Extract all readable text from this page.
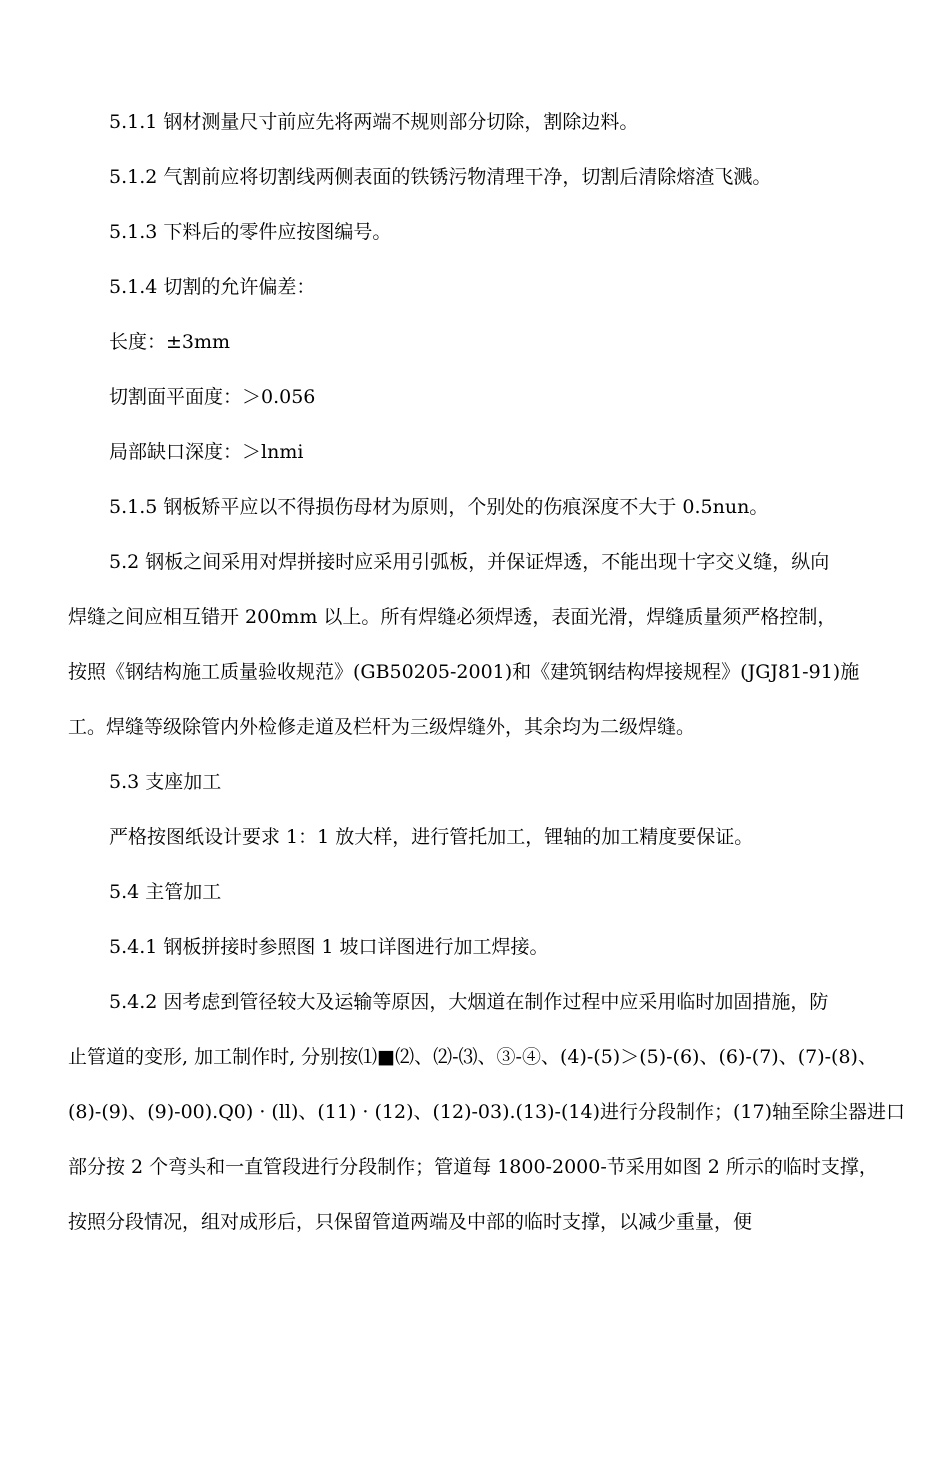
5.1.1 钢材测量尺寸前应先将两端不规则部分切除，割除边料。
5.1.2 气割前应将切割线两侧表面的铁锈污物清理干净，切割后清除熔渣飞溅。
5.1.3 下料后的零件应按图编号。
5.1.4 切割的允许偏差：
长度：±3mm
切割面平面度：＞0.056
局部缺口深度：＞lnmi
5.1.5 钢板矫平应以不得损伤母材为原则，个别处的伤痕深度不大于 0.5nun。
5.2 钢板之间采用对焊拼接时应采用引弧板，并保证焊透，不能出现十字交义缝，纵向
焊缝之间应相互错开 200mm 以上。所有焊缝必须焊透，表面光滑，焊缝质量须严格控制，
按照《钢结构施工质量验收规范》(GB50205-2001)和《建筑钢结构焊接规程》(JGJ81-91)施
工。焊缝等级除管内外检修走道及栏杆为三级焊缝外，其余均为二级焊缝。
5.3 支座加工
严格按图纸设计要求 1：1 放大样，进行管托加工，锂轴的加工精度要保证。
5.4 主管加工
5.4.1 钢板拼接时参照图 1 坡口详图进行加工焊接。
5.4.2 因考虑到管径较大及运输等原因，大烟道在制作过程中应采用临时加固措施，防
止管道的变形, 加工制作时, 分别按⑴■⑵、⑵-⑶、③-④、(4)-(5)＞(5)-(6)、(6)-(7)、(7)-(8)、
(8)-(9)、(9)-00).Q0) · (ll)、(11) · (12)、(12)-03).(13)-(14)进行分段制作；(17)轴至除尘器进口
部分按 2 个弯头和一直管段进行分段制作；管道每 1800-2000-节采用如图 2 所示的临时支撑，
按照分段情况，组对成形后，只保留管道两端及中部的临时支撑，以减少重量，便
